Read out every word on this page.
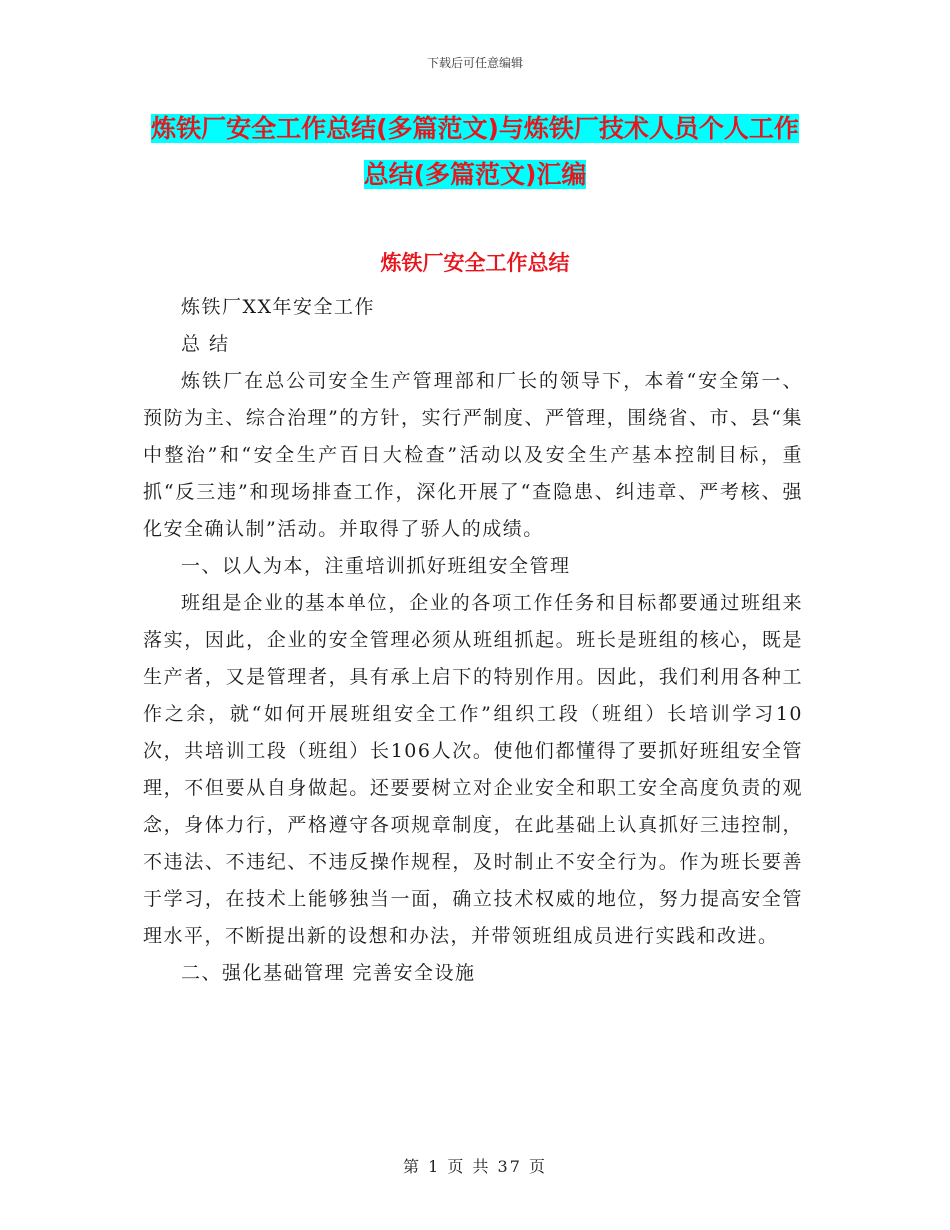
下载后可任意编辑
炼铁厂安全工作总结(多篇范文)与炼铁厂技术人员个人工作总结(多篇范文)汇编
炼铁厂安全工作总结

炼铁厂XX年安全工作

总 结

炼铁厂在总公司安全生产管理部和厂长的领导下，本着“安全第一、预防为主、综合治理”的方针，实行严制度、严管理，围绕省、市、县“集中整治”和“安全生产百日大检查”活动以及安全生产基本控制目标，重抓“反三违”和现场排查工作，深化开展了“查隐患、纠违章、严考核、强化安全确认制”活动。并取得了骄人的成绩。

一、以人为本，注重培训抓好班组安全管理

班组是企业的基本单位，企业的各项工作任务和目标都要通过班组来落实，因此，企业的安全管理必须从班组抓起。班长是班组的核心，既是生产者，又是管理者，具有承上启下的特别作用。因此，我们利用各种工作之余，就“如何开展班组安全工作”组织工段（班组）长培训学习10次，共培训工段（班组）长106人次。使他们都懂得了要抓好班组安全管理，不但要从自身做起。还要要树立对企业安全和职工安全高度负责的观念，身体力行，严格遵守各项规章制度，在此基础上认真抓好三违控制，不违法、不违纪、不违反操作规程，及时制止不安全行为。作为班长要善于学习，在技术上能够独当一面，确立技术权威的地位，努力提高安全管理水平，不断提出新的设想和办法，并带领班组成员进行实践和改进。

二、强化基础管理 完善安全设施

第 1 页 共 37 页
